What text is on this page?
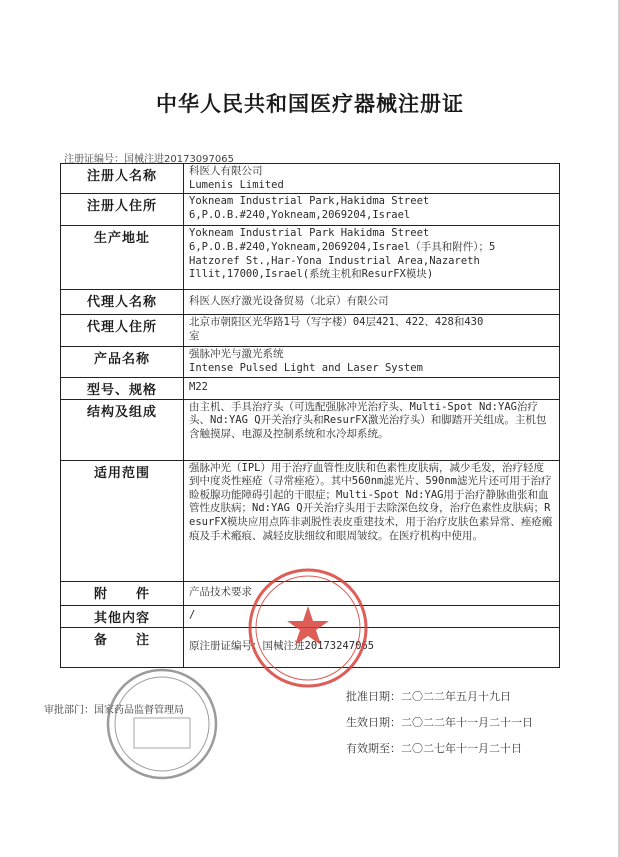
中华人民共和国医疗器械注册证
注册证编号：国械注进20173097065
注册人名称	科医人有限公司
Lumenis Limited

注册人住所	Yokneam Industrial Park,Hakidma Street
6,P.O.B.#240,Yokneam,2069204,Israel

生产地址	Yokneam Industrial Park Hakidma Street
6,P.O.B.#240,Yokneam,2069204,Israel（手具和附件）；5
Hatzoref St.,Har-Yona Industrial Area,Nazareth
Illit,17000,Israel(系统主机和ResurFX模块)

代理人名称	科医人医疗激光设备贸易（北京）有限公司

代理人住所	北京市朝阳区光华路1号（写字楼）04层421、422、428和430
室

产品名称	强脉冲光与激光系统
Intense Pulsed Light and Laser System

型号、规格	M22

结构及组成	由主机、手具治疗头（可选配强脉冲光治疗头、Multi-Spot Nd:YAG治疗头、Nd:YAG Q开关治疗头和ResurFX激光治疗头）和脚踏开关组成。主机包含触摸屏、电源及控制系统和水冷却系统。
适用范围	强脉冲光（IPL）用于治疗血管性皮肤和色素性皮肤病，减少毛发，治疗轻度到中度炎性痤疮（寻常痤疮）。其中560nm滤光片、590nm滤光片还可用于治疗睑板腺功能障碍引起的干眼症；Multi-Spot Nd:YAG用于治疗静脉曲张和血管性皮肤病；Nd:YAG Q开关治疗头用于去除深色纹身，治疗色素性皮肤病；ResurFX模块应用点阵非剥脱性表皮重建技术，用于治疗皮肤色素异常、痤疮瘢痕及手术瘢痕、减轻皮肤细纹和眼周皱纹。在医疗机构中使用。
附　　件	产品技术要求

其他内容	/

备　　注	原注册证编号：国械注进20173247065
批准日期：二〇二二年五月十九日
生效日期：二〇二二年十一月二十一日
有效期至：二〇二七年十一月二十日
审批部门：国家药品监督管理局
